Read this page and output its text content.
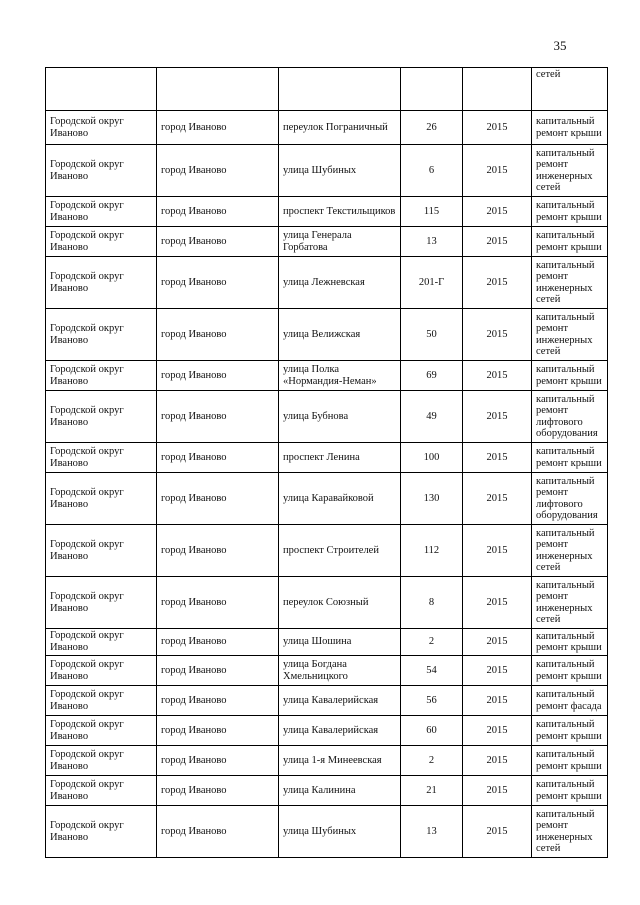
35
					сетей
Городской округ Иваново	город Иваново	переулок Пограничный	26	2015	капитальный ремонт крыши
Городской округ Иваново	город Иваново	улица Шубиных	6	2015	капитальный ремонт инженерных сетей
Городской округ Иваново	город Иваново	проспект Текстильщиков	115	2015	капитальный ремонт крыши
Городской округ Иваново	город Иваново	улица Генерала Горбатова	13	2015	капитальный ремонт крыши
Городской округ Иваново	город Иваново	улица Лежневская	201-Г	2015	капитальный ремонт инженерных сетей
Городской округ Иваново	город Иваново	улица Велижская	50	2015	капитальный ремонт инженерных сетей
Городской округ Иваново	город Иваново	улица Полка «Нормандия-Неман»	69	2015	капитальный ремонт крыши
Городской округ Иваново	город Иваново	улица Бубнова	49	2015	капитальный ремонт лифтового оборудования
Городской округ Иваново	город Иваново	проспект Ленина	100	2015	капитальный ремонт крыши
Городской округ Иваново	город Иваново	улица Каравайковой	130	2015	капитальный ремонт лифтового оборудования
Городской округ Иваново	город Иваново	проспект Строителей	112	2015	капитальный ремонт инженерных сетей
Городской округ Иваново	город Иваново	переулок Союзный	8	2015	капитальный ремонт инженерных сетей
Городской округ Иваново	город Иваново	улица Шошина	2	2015	капитальный ремонт крыши
Городской округ Иваново	город Иваново	улица Богдана Хмельницкого	54	2015	капитальный ремонт крыши
Городской округ Иваново	город Иваново	улица Кавалерийская	56	2015	капитальный ремонт фасада
Городской округ Иваново	город Иваново	улица Кавалерийская	60	2015	капитальный ремонт крыши
Городской округ Иваново	город Иваново	улица 1-я Минеевская	2	2015	капитальный ремонт крыши
Городской округ Иваново	город Иваново	улица Калинина	21	2015	капитальный ремонт крыши
Городской округ Иваново	город Иваново	улица Шубиных	13	2015	капитальный ремонт инженерных сетей
